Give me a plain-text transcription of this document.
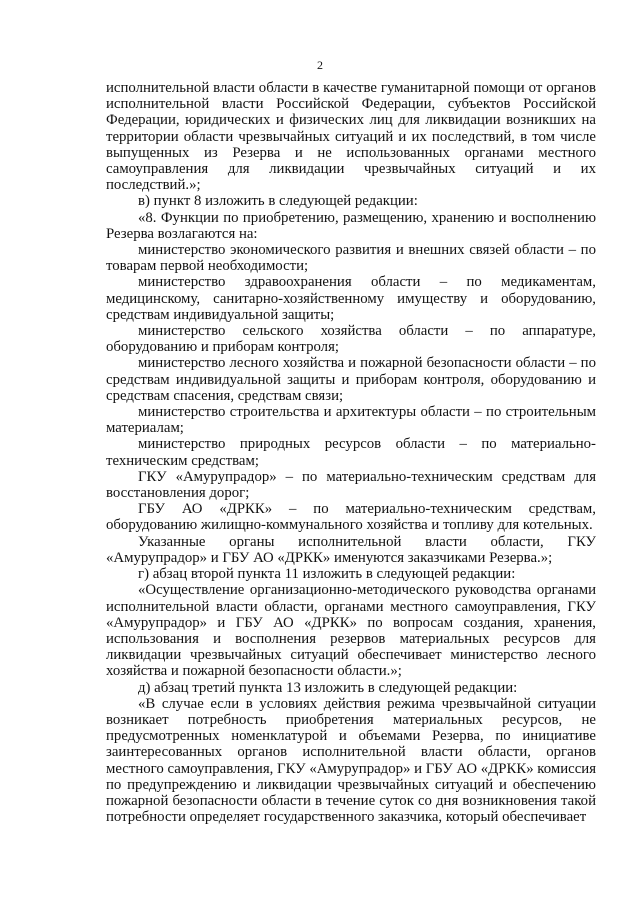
2

исполнительной власти области в качестве гуманитарной помощи от органов исполнительной власти Российской Федерации, субъектов Российской Федерации, юридических и физических лиц для ликвидации возникших на территории области чрезвычайных ситуаций и их последствий, в том числе выпущенных из Резерва и не использованных органами местного самоуправления для ликвидации чрезвычайных ситуаций и их последствий.»;

в) пункт 8 изложить в следующей редакции:

«8. Функции по приобретению, размещению, хранению и восполнению Резерва возлагаются на:

министерство экономического развития и внешних связей области – по товарам первой необходимости;

министерство здравоохранения области – по медикаментам, медицинскому, санитарно-хозяйственному имуществу и оборудованию, средствам индивидуальной защиты;

министерство сельского хозяйства области – по аппаратуре, оборудованию и приборам контроля;

министерство лесного хозяйства и пожарной безопасности области – по средствам индивидуальной защиты и приборам контроля, оборудованию и средствам спасения, средствам связи;

министерство строительства и архитектуры области – по строительным материалам;

министерство природных ресурсов области – по материально-техническим средствам;

ГКУ «Амурупрадор» – по материально-техническим средствам для восстановления дорог;

ГБУ АО «ДРКК» – по материально-техническим средствам, оборудованию жилищно-коммунального хозяйства и топливу для котельных.

Указанные органы исполнительной власти области, ГКУ «Амурупрадор» и ГБУ АО «ДРКК» именуются заказчиками Резерва.»;

г) абзац второй пункта 11 изложить в следующей редакции:

«Осуществление организационно-методического руководства органами исполнительной власти области, органами местного самоуправления, ГКУ «Амурупрадор» и ГБУ АО «ДРКК» по вопросам создания, хранения, использования и восполнения резервов материальных ресурсов для ликвидации чрезвычайных ситуаций обеспечивает министерство лесного хозяйства и пожарной безопасности области.»;

д) абзац третий пункта 13 изложить в следующей редакции:

«В случае если в условиях действия режима чрезвычайной ситуации возникает потребность приобретения материальных ресурсов, не предусмотренных номенклатурой и объемами Резерва, по инициативе заинтересованных органов исполнительной власти области, органов местного самоуправления, ГКУ «Амурупрадор» и ГБУ АО «ДРКК» комиссия по предупреждению и ликвидации чрезвычайных ситуаций и обеспечению пожарной безопасности области в течение суток со дня возникновения такой потребности определяет государственного заказчика, который обеспечивает
